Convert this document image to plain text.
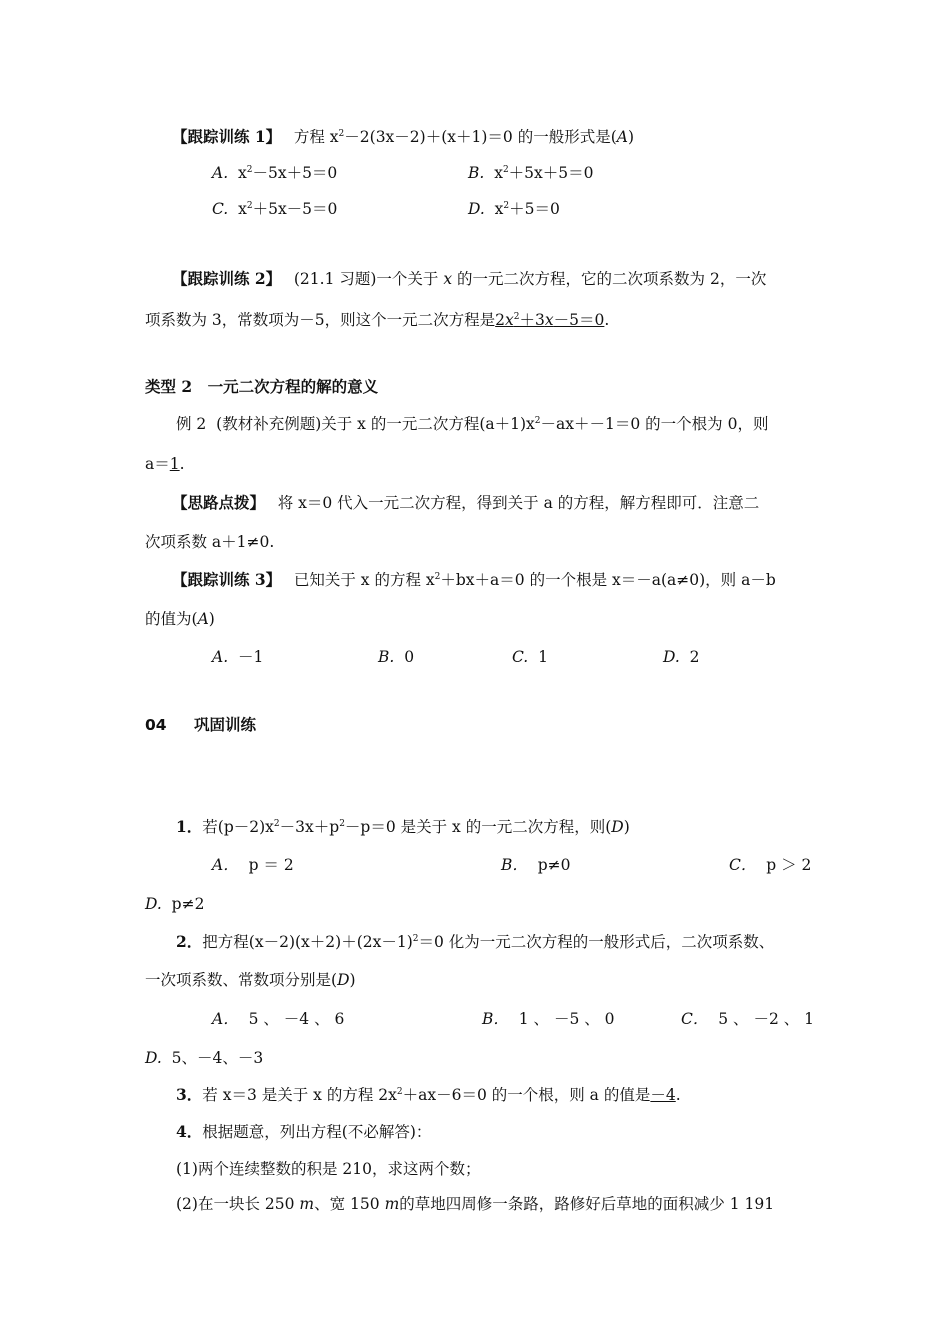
【跟踪训练 1】　 方程 $x^2-2(3x-2)+(x+1)=0$ 的一般形式是(A)
A. $x^2-5x+5=0$	B. $x^2+5x+5=0$
C. $x^2+5x-5=0$	D. $x^2+5=0$
【跟踪训练 2】　 (21.1 习题)一个关于 x 的一元二次方程，它的二次项系数为 2，一次
项系数为 3，常数项为－5，则这个一元二次方程是$2x^2+3x-5=0$.
类型 2　一元二次方程的解的意义
例 2 (教材补充例题)关于 x 的一元二次方程$(a+1)x^2-ax+-1=0$ 的一个根为 0，则
a＝1.
【思路点拨】　 将 x＝0 代入一元二次方程，得到关于 a 的方程，解方程即可．注意二
次项系数 a＋1≠0.
【跟踪训练 3】　 已知关于 x 的方程 $x^2+bx+a=0$ 的一个根是 x＝－a(a≠0)，则 a－b
的值为(A)
A. －1	B. 0	C. 1	D. 2
04 巩固训练
1．若$(p-2)x^2-3x+p^2-p=0$ 是关于 x 的一元二次方程，则(D)
A． p ＝ 2	B． p≠0	C． p ＞ 2
D. p≠2
2．把方程$(x-2)(x+2)+(2x-1)^2=0$ 化为一元二次方程的一般形式后，二次项系数、
一次项系数、常数项分别是(D)
A． 5 、 －4 、 6	B． 1 、 －5 、 0	C． 5 、 －2 、 1
D. 5、－4、－3
3．若 x＝3 是关于 x 的方程 $2x^2+ax-6=0$ 的一个根，则 a 的值是－4.
4．根据题意，列出方程(不必解答)：
(1)两个连续整数的积是 210，求这两个数；
(2)在一块长 250 m、宽 150 m的草地四周修一条路，路修好后草地的面积减少 1 191
